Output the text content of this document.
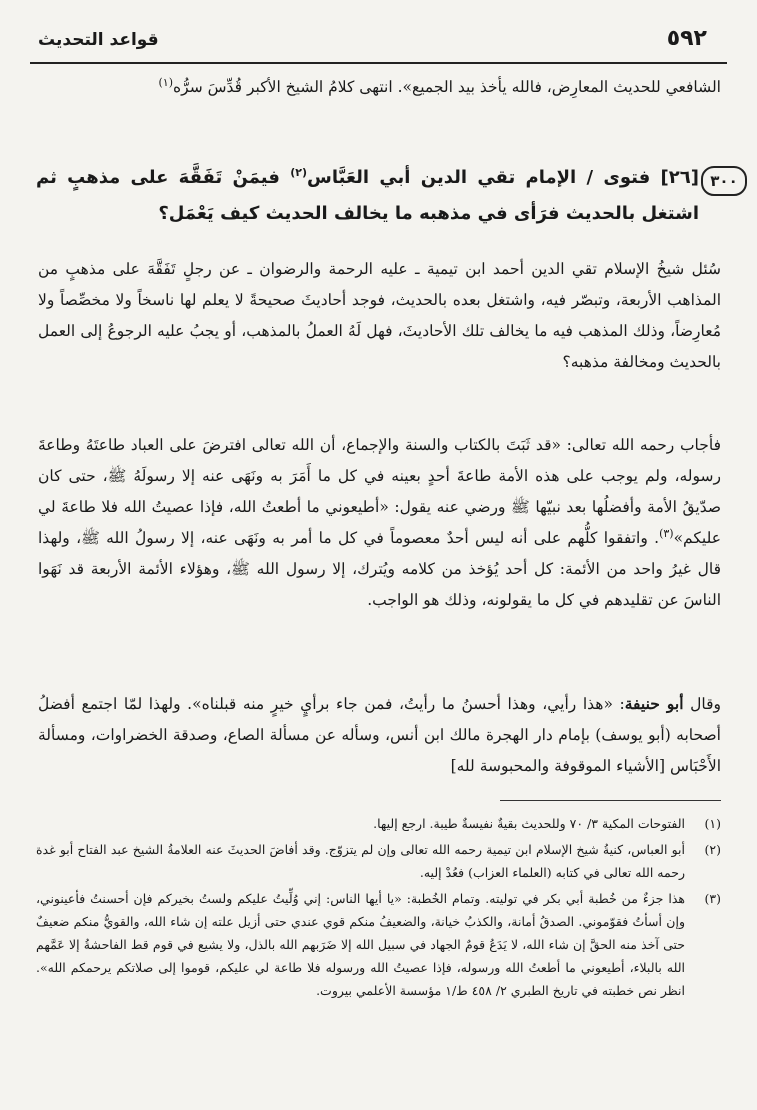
٥٩٢
قواعد التحديث
الشافعي للحديث المعارِض، فالله يأخذ بيد الجميع». انتهى كلامُ الشيخ الأكبر قُدِّسَ سرُّه$^{(١)}$
٣٠٠
[٢٦] فتوى / الإمام تقي الدين أبي العَبَّاس$^{(٢)}$ فيمَنْ تَفَقَّهَ على مذهبٍ ثم اشتغل بالحديث فرَأى في مذهبه ما يخالف الحديث كيف يَعْمَل؟
سُئل شيخُ الإسلام تقي الدين أحمد ابن تيمية ـ عليه الرحمة والرضوان ـ عن رجلٍ تَفَقَّهَ على مذهبٍ من المذاهب الأربعة، وتبصّر فيه، واشتغل بعده بالحديث، فوجد أحاديثَ صحيحةً لا يعلم لها ناسخاً ولا مخصِّصاً ولا مُعارِضاً، وذلك المذهب فيه ما يخالف تلك الأحاديثَ، فهل لَهُ العملُ بالمذهب، أو يجبُ عليه الرجوعُ إلى العمل بالحديث ومخالفة مذهبه؟
فأجاب رحمه الله تعالى: «قد ثَبَتَ بالكتاب والسنة والإجماع، أن الله تعالى افترضَ على العباد طاعتَهُ وطاعةَ رسوله، ولم يوجب على هذه الأمة طاعةَ أحدٍ بعينه في كل ما أَمَرَ به ونَهَى عنه إلا رسولَهُ ﷺ، حتى كان صدّيقُ الأمة وأفضلُها بعد نبيّها ﷺ ورضي عنه يقول: «أطيعوني ما أطعتُ الله، فإذا عصيتُ الله فلا طاعةَ لي عليكم»$^{(٣)}$. واتفقوا كلُّهم على أنه ليس أحدٌ معصوماً في كل ما أمر به ونَهَى عنه، إلا رسولُ الله ﷺ، ولهذا قال غيرُ واحد من الأئمة: كل أحد يُؤخذ من كلامه ويُترك، إلا رسول الله ﷺ، وهؤلاء الأئمة الأربعة قد نَهَوا الناسَ عن تقليدهم في كل ما يقولونه، وذلك هو الواجب.
وقال أبو حنيفة: «هذا رأيي، وهذا أحسنُ ما رأيتُ، فمن جاء برأيٍ خيرٍ منه قبلناه». ولهذا لمّا اجتمع أفضلُ أصحابه (أبو يوسف) بإمام دار الهجرة مالك ابن أنس، وسأله عن مسألة الصاع، وصدقة الخضراوات، ومسألة الأَحْبَاس [الأشياء الموقوفة والمحبوسة لله]
(١)
الفتوحات المكية ٣/ ٧٠ وللحديث بقيةٌ نفيسةٌ طيبة. ارجع إليها.
(٢)
أبو العباس، كنيةُ شيخ الإسلام ابن تيمية رحمه الله تعالى وإن لم يتزوّج. وقد أفاضَ الحديثَ عنه العلامةُ الشيخ عبد الفتاح أبو غدة رحمه الله تعالى في كتابه (العلماء العزاب) فعُدْ إليه.
(٣)
هذا جزءٌ من خُطبة أبي بكر في توليته. وتمام الخُطبة: «يا أيها الناس: إني وُلِّيتُ عليكم ولستُ بخيركم فإن أحسنتُ فأعينوني، وإن أسأتُ فقوّموني. الصدقُ أمانة، والكذبُ خيانة، والضعيفُ منكم قوي عندي حتى أزيل علته إن شاء الله، والقويُّ منكم ضعيفٌ حتى آخذ منه الحقَّ إن شاء الله، لا يَدَعُ قومٌ الجهاد في سبيل الله إلا ضَرَبهم الله بالذل، ولا يشيع في قوم قط الفاحشةُ إلا عَمَّهم الله بالبلاء، أطيعوني ما أطعتُ الله ورسوله، فإذا عصيتُ الله ورسوله فلا طاعة لي عليكم، قوموا إلى صلاتكم يرحمكم الله». انظر نص خطبته في تاريخ الطبري ٢/ ٤٥٨ ط/١ مؤسسة الأعلمي بيروت.
